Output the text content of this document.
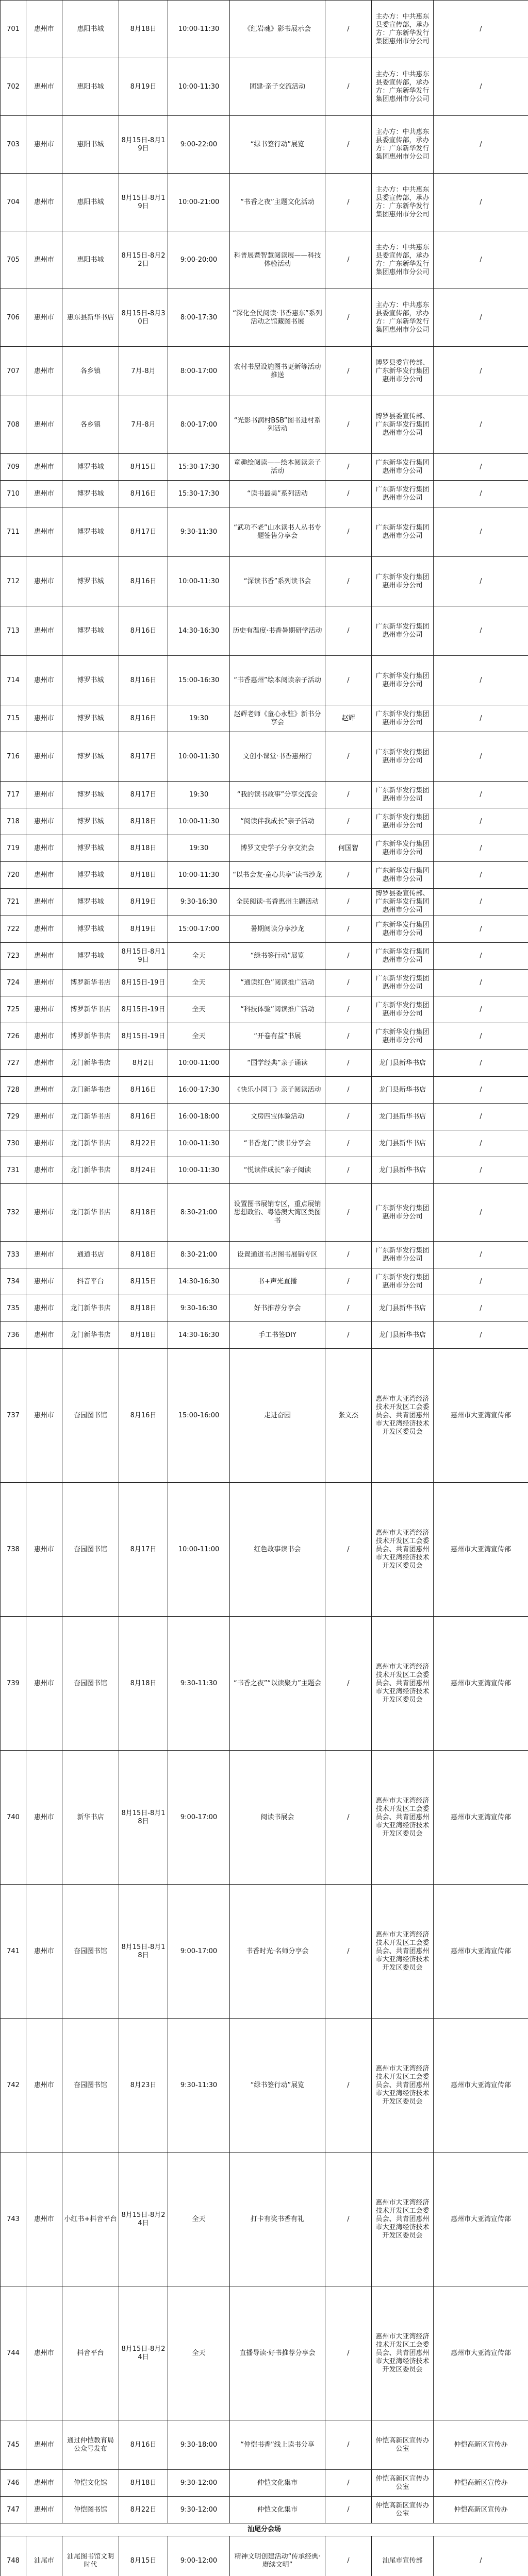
701	惠州市	惠阳书城	8月18日	10:00-11:30	《红岩魂》影书展示会	/	主办方：中共惠东县委宣传部，承办方：广东新华发行集团惠州市分公司	/
702	惠州市	惠阳书城	8月19日	10:00-11:30	团建·亲子交流活动	/	主办方：中共惠东县委宣传部，承办方：广东新华发行集团惠州市分公司	/
703	惠州市	惠阳书城	8月15日-8月19日	9:00-22:00	“绿书签行动”展览	/	主办方：中共惠东县委宣传部，承办方：广东新华发行集团惠州市分公司	/
704	惠州市	惠阳书城	8月15日-8月19日	10:00-21:00	“书香之夜”主题文化活动	/	主办方：中共惠东县委宣传部，承办方：广东新华发行集团惠州市分公司	/
705	惠州市	惠阳书城	8月15日-8月22日	9:00-20:00	科普展暨智慧阅读展——科技体验活动	/	主办方：中共惠东县委宣传部，承办方：广东新华发行集团惠州市分公司	/
706	惠州市	惠东县新华书店	8月15日-8月30日	8:00-17:30	“深化全民阅读·书香惠东”系列活动之馆藏图书展	/	主办方：中共惠东县委宣传部，承办方：广东新华发行集团惠州市分公司	/
707	惠州市	各乡镇	7月-8月	8:00-17:00	农村书屋设施图书更新等活动推送	/	博罗县委宣传部、广东新华发行集团惠州市分公司	/
708	惠州市	各乡镇	7月-8月	8:00-17:00	“光影书润村BSB”图书进村系列活动	/	博罗县委宣传部、广东新华发行集团惠州市分公司	/
709	惠州市	博罗书城	8月15日	15:30-17:30	童趣绘阅读——绘本阅读亲子活动	/	广东新华发行集团惠州市分公司	/
710	惠州市	博罗书城	8月16日	15:30-17:30	“读书最美”系列活动	/	广东新华发行集团惠州市分公司	/
711	惠州市	博罗书城	8月17日	9:30-11:30	“武功不老”山水读书人丛书专题签售分享会	/	广东新华发行集团惠州市分公司	/
712	惠州市	博罗书城	8月16日	10:00-11:30	“深读书香”系列读书会	/	广东新华发行集团惠州市分公司	/
713	惠州市	博罗书城	8月16日	14:30-16:30	历史有温度·书香暑期研学活动	/	广东新华发行集团惠州市分公司	/
714	惠州市	博罗书城	8月16日	15:00-16:30	“书香惠州”绘本阅读亲子活动	/	广东新华发行集团惠州市分公司	/
715	惠州市	博罗书城	8月16日	19:30	赵辉老师《童心永驻》新书分享会	赵辉	广东新华发行集团惠州市分公司	/
716	惠州市	博罗书城	8月17日	10:00-11:30	文创小课堂·书香惠州行	/	广东新华发行集团惠州市分公司	/
717	惠州市	博罗书城	8月17日	19:30	“我的读书故事”分享交流会	/	广东新华发行集团惠州市分公司	/
718	惠州市	博罗书城	8月18日	10:00-11:30	“阅读伴我成长”亲子活动	/	广东新华发行集团惠州市分公司	/
719	惠州市	博罗书城	8月18日	19:30	博罗文史学子分享交流会	何国智	广东新华发行集团惠州市分公司	/
720	惠州市	博罗书城	8月18日	10:00-11:30	“以书会友·童心共享”读书沙龙	/	广东新华发行集团惠州市分公司	/
721	惠州市	博罗书城	8月19日	9:30-16:30	全民阅读·书香惠州主题活动	/	博罗县委宣传部、广东新华发行集团惠州市分公司	/
722	惠州市	博罗书城	8月19日	15:00-17:00	暑期阅读分享沙龙	/	广东新华发行集团惠州市分公司	/
723	惠州市	博罗书城	8月15日-8月19日	全天	“绿书签行动”展览	/	广东新华发行集团惠州市分公司	/
724	惠州市	博罗新华书店	8月15日-19日	全天	“通读红色”阅读推广活动	/	广东新华发行集团惠州市分公司	/
725	惠州市	博罗新华书店	8月15日-19日	全天	“科技体验”阅读推广活动	/	广东新华发行集团惠州市分公司	/
726	惠州市	博罗新华书店	8月15日-19日	全天	“开卷有益”书展	/	广东新华发行集团惠州市分公司	/
727	惠州市	龙门新华书店	8月2日	10:00-11:00	“国学经典”亲子诵读	/	龙门县新华书店	/
728	惠州市	龙门新华书店	8月16日	16:00-17:30	《快乐小园丁》亲子阅读活动	/	龙门县新华书店	/
729	惠州市	龙门新华书店	8月16日	16:00-18:00	文房四宝体验活动	/	龙门县新华书店	/
730	惠州市	龙门新华书店	8月22日	10:00-11:30	“书香龙门”读书分享会	/	龙门县新华书店	/
731	惠州市	龙门新华书店	8月24日	10:00-11:30	“悦读伴成长”亲子阅读	/	龙门县新华书店	/
732	惠州市	龙门新华书店	8月18日	8:30-21:00	设置图书展销专区，重点展销思想政治、粤港澳大湾区类图书	/	广东新华发行集团惠州市分公司	/
733	惠州市	通道书店	8月18日	8:30-21:00	设置通道书店图书展销专区	/	广东新华发行集团惠州市分公司	/
734	惠州市	抖音平台	8月15日	14:30-16:30	书+声光直播	/	广东新华发行集团惠州市分公司	/
735	惠州市	龙门新华书店	8月18日	9:30-16:30	好书推荐分享会	/	龙门县新华书店	/
736	惠州市	龙门新华书店	8月18日	14:30-16:30	手工书签DIY	/	龙门县新华书店	/
737	惠州市	奋园图书馆	8月16日	15:00-16:00	走进奋园	张文杰	惠州市大亚湾经济技术开发区工会委员会、共青团惠州市大亚湾经济技术开发区委员会	惠州市大亚湾宣传部
738	惠州市	奋园图书馆	8月17日	10:00-11:00	红色故事读书会	/	惠州市大亚湾经济技术开发区工会委员会、共青团惠州市大亚湾经济技术开发区委员会	惠州市大亚湾宣传部
739	惠州市	奋园图书馆	8月18日	9:30-11:30	“书香之夜”“以读聚力”主题会	/	惠州市大亚湾经济技术开发区工会委员会、共青团惠州市大亚湾经济技术开发区委员会	惠州市大亚湾宣传部
740	惠州市	新华书店	8月15日-8月18日	9:00-17:00	阅读书展会	/	惠州市大亚湾经济技术开发区工会委员会、共青团惠州市大亚湾经济技术开发区委员会	惠州市大亚湾宣传部
741	惠州市	奋园图书馆	8月15日-8月18日	9:00-17:00	书香时光·名师分享会	/	惠州市大亚湾经济技术开发区工会委员会、共青团惠州市大亚湾经济技术开发区委员会	惠州市大亚湾宣传部
742	惠州市	奋园图书馆	8月23日	9:30-11:30	“绿书签行动”展览	/	惠州市大亚湾经济技术开发区工会委员会、共青团惠州市大亚湾经济技术开发区委员会	惠州市大亚湾宣传部
743	惠州市	小红书+抖音平台	8月15日-8月24日	全天	打卡有奖书香有礼	/	惠州市大亚湾经济技术开发区工会委员会、共青团惠州市大亚湾经济技术开发区委员会	惠州市大亚湾宣传部
744	惠州市	抖音平台	8月15日-8月24日	全天	直播导读·好书推荐分享会	/	惠州市大亚湾经济技术开发区工会委员会、共青团惠州市大亚湾经济技术开发区委员会	惠州市大亚湾宣传部
745	惠州市	通过仲恺教育局公众号发布	8月16日	9:30-18:00	“仲恺书香”线上读书分享	/	仲恺高新区宣传办公室	仲恺高新区宣传办
746	惠州市	仲恺文化馆	8月18日	9:30-12:00	仲恺文化集市	/	仲恺高新区宣传办公室	仲恺高新区宣传办
747	惠州市	仲恺图书馆	8月22日	9:30-12:00	仲恺文化集市	/	仲恺高新区宣传办公室	仲恺高新区宣传办
汕尾分会场								
748	汕尾市	汕尾图书馆文明时代	8月15日	9:00-12:00	精神文明创建活动“传承经典·赓续文明”	/	汕尾市宣传部	/
